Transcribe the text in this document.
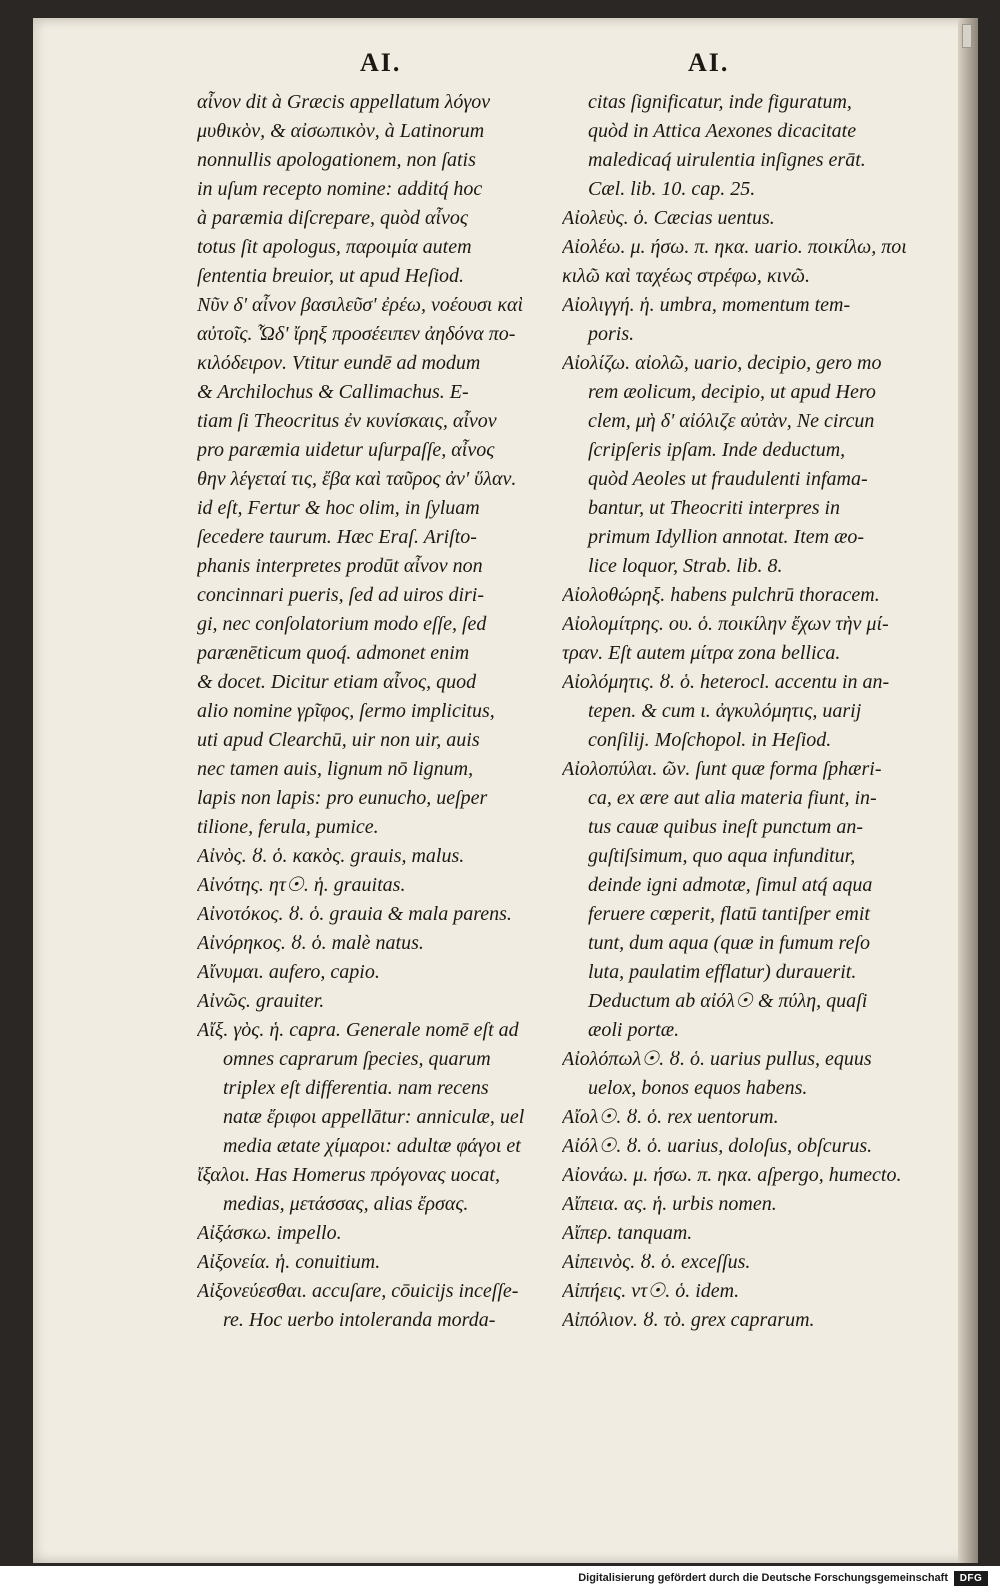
AI.	AI.
αἶνον dit à Græcis appellatum λόγον
μυθικὸν, & αἰσωπικὸν, à Latinorum
nonnullis apologationem, non ſatis
in uſum recepto nomine: additq́ hoc
à paræmia diſcrepare, quòd αἶνος
totus ſit apologus, παροιμία autem
ſententia breuior, ut apud Heſiod.
Νῦν δ' αἶνον βασιλεῦσ' ἐρέω, νοέουσι καὶ
αὐτοῖς. Ὧδ' ἴρηξ προσέειπεν ἀηδόνα πο-
κιλόδειρον. Vtitur eundē ad modum
& Archilochus & Callimachus. E-
tiam ſi Theocritus ἐν κυνίσκαις, αἶνον
pro paræmia uidetur uſurpaſſe, αἶνος
θην λέγεταί τις, ἔβα καὶ ταῦρος ἀν' ὕλαν.
id eſt, Fertur & hoc olim, in ſyluam
ſecedere taurum. Hæc Eraſ. Ariſto-
phanis interpretes prodūt αἶνον non
concinnari pueris, ſed ad uiros diri-
gi, nec conſolatorium modo eſſe, ſed
parænēticum quoq́. admonet enim
& docet. Dicitur etiam αἶνος, quod
alio nomine γρῖφος, ſermo implicitus,
uti apud Clearchū, uir non uir, auis
nec tamen auis, lignum nō lignum,
lapis non lapis: pro eunucho, ueſper
tilione, ferula, pumice.
Αἰνὸς. ȣ. ὁ. κακὸς. grauis, malus.
Αἰνότης. ητ☉. ἡ. grauitas.
Αἰνοτόκος. ȣ. ὁ. grauia & mala parens.
Αἰνόρηκος. ȣ. ὁ. malè natus.
Αἴνυμαι. aufero, capio.
Αἰνῶς. grauiter.
Αἴξ. γὸς. ἡ. capra. Generale nomē eſt ad
omnes caprarum ſpecies, quarum
triplex eſt differentia. nam recens
natæ ἔριφοι appellātur: anniculæ, uel
media ætate χίμαροι: adultæ φάγοι et
ἴξαλοι. Has Homerus πρόγονας uocat,
medias, μετάσσας, alias ἔρσας.
Αἰξάσκω. impello.
Αἰξονεία. ἡ. conuitium.
Αἰξονεύεσθαι. accuſare, cōuicijs inceſſe-
re. Hoc uerbo intoleranda morda-
citas ſignificatur, inde figuratum,
quòd in Attica Aexones dicacitate
maledicaq́ uirulentia inſignes erāt.
Cæl. lib. 10. cap. 25.
Αἰολεὺς. ὁ. Cæcias uentus.
Αἰολέω. μ. ήσω. π. ηκα. uario. ποικίλω, ποι
κιλῶ καὶ ταχέως στρέφω, κινῶ.
Αἰολιγγή. ἡ. umbra, momentum tem-
poris.
Αἰολίζω. αἰολῶ, uario, decipio, gero mo
rem æolicum, decipio, ut apud Hero
clem, μὴ δ' αἰόλιζε αὐτὰν, Ne circun
ſcripſeris ipſam. Inde deductum,
quòd Aeoles ut fraudulenti infama-
bantur, ut Theocriti interpres in
primum Idyllion annotat. Item æo-
lice loquor, Strab. lib. 8.
Αἰολοθώρηξ. habens pulchrū thoracem.
Αἰολομίτρης. ου. ὁ. ποικίλην ἔχων τὴν μί-
τραν. Eſt autem μίτρα zona bellica.
Αἰολόμητις. ȣ. ὁ. heterocl. accentu in an-
tepen. & cum ι. ἀγκυλόμητις, uarij
conſilij. Moſchopol. in Heſiod.
Αἰολοπύλαι. ῶν. ſunt quæ forma ſphæri-
ca, ex ære aut alia materia fiunt, in-
tus cauæ quibus ineſt punctum an-
guſtiſsimum, quo aqua infunditur,
deinde igni admotæ, ſimul atq́ aqua
feruere cœperit, flatū tantiſper emit
tunt, dum aqua (quæ in fumum reſo
luta, paulatim efflatur) durauerit.
Deductum ab αἰόλ☉ & πύλη, quaſi
æoli portæ.
Αἰολόπωλ☉. ȣ. ὁ. uarius pullus, equus
uelox, bonos equos habens.
Αἴολ☉. ȣ. ὁ. rex uentorum.
Αἰόλ☉. ȣ. ὁ. uarius, doloſus, obſcurus.
Αἰονάω. μ. ήσω. π. ηκα. aſpergo, humecto.
Αἴπεια. ας. ἡ. urbis nomen.
Αἴπερ. tanquam.
Αἰπεινὸς. ȣ. ὁ. exceſſus.
Αἰπήεις. ντ☉. ὁ. idem.
Αἰπόλιον. ȣ. τὸ. grex caprarum.
Digitalisierung gefördert durch die Deutsche Forschungsgemeinschaft	DFG
